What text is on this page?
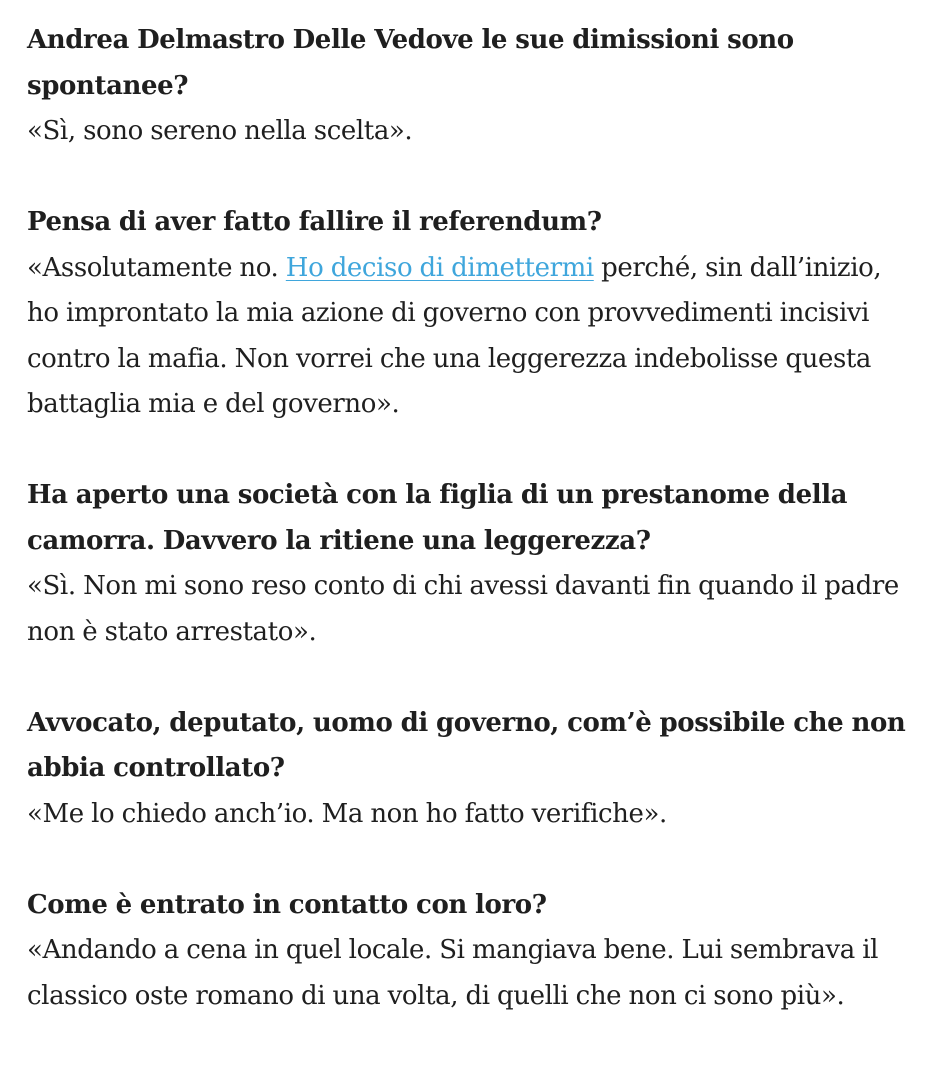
Andrea Delmastro Delle Vedove le sue dimissioni sono spontanee?

«Sì, sono sereno nella scelta».

Pensa di aver fatto fallire il referendum?

«Assolutamente no. Ho deciso di dimettermi perché, sin dall’inizio, ho improntato la mia azione di governo con provvedimenti incisivi contro la mafia. Non vorrei che una leggerezza indebolisse questa battaglia mia e del governo».

Ha aperto una società con la figlia di un prestanome della camorra. Davvero la ritiene una leggerezza?

«Sì. Non mi sono reso conto di chi avessi davanti fin quando il padre non è stato arrestato».

Avvocato, deputato, uomo di governo, com’è possibile che non abbia controllato?

«Me lo chiedo anch’io. Ma non ho fatto verifiche».

Come è entrato in contatto con loro?

«Andando a cena in quel locale. Si mangiava bene. Lui sembrava il classico oste romano di una volta, di quelli che non ci sono più».
